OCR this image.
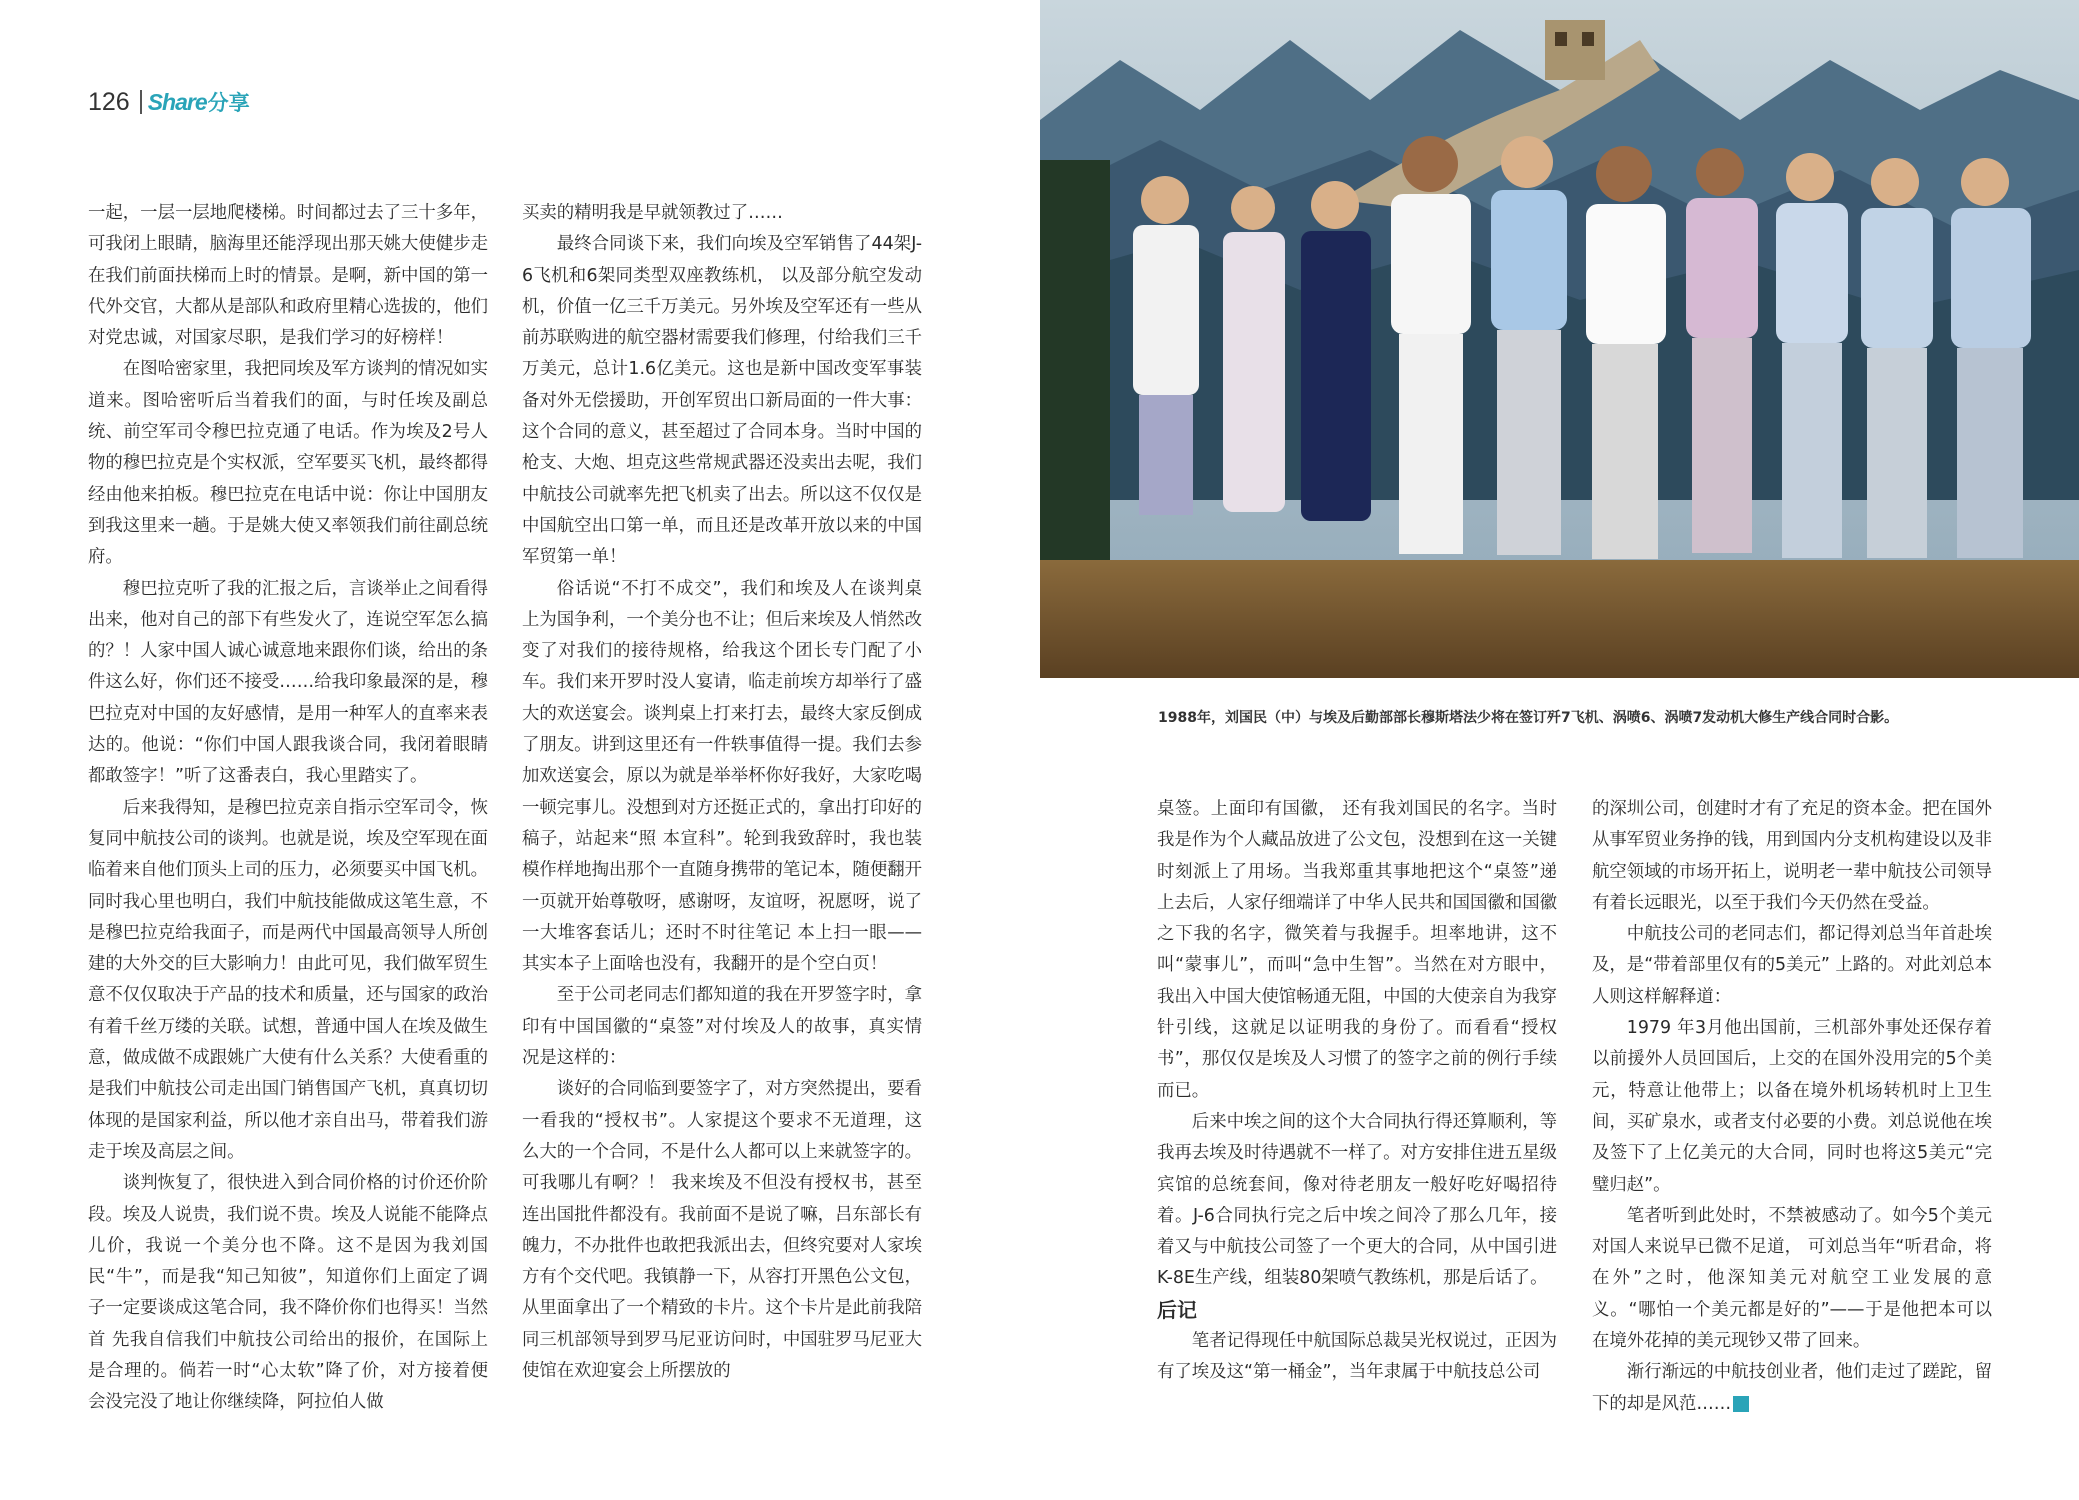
126 Share 分享

一起，一层一层地爬楼梯。时间都过去了三十多年，可我闭上眼睛，脑海里还能浮现出那天姚大使健步走在我们前面扶梯而上时的情景。是啊，新中国的第一代外交官，大都从是部队和政府里精心选拔的，他们对党忠诚，对国家尽职，是我们学习的好榜样！

在图哈密家里，我把同埃及军方谈判的情况如实道来。图哈密听后当着我们的面，与时任埃及副总统、前空军司令穆巴拉克通了电话。作为埃及2号人物的穆巴拉克是个实权派，空军要买飞机，最终都得经由他来拍板。穆巴拉克在电话中说：你让中国朋友 到我这里来一趟。于是姚大使又率领我们前往副总统府。

穆巴拉克听了我的汇报之后，言谈举止之间看得出来，他对自己的部下有些发火了，连说空军怎么搞的？！人家中国人诚心诚意地来跟你们谈，给出的条件这么好，你们还不接受……给我印象最深的是，穆巴拉克对中国的友好感情，是用一种军人的直率来表达的。他说：“你们中国人跟我谈合同，我闭着眼睛都敢签字！”听了这番表白，我心里踏实了。

后来我得知，是穆巴拉克亲自指示空军司令，恢复同中航技公司的谈判。也就是说，埃及空军现在面临着来自他们顶头上司的压力，必须要买中国飞机。同时我心里也明白，我们中航技能做成这笔生意，不是穆巴拉克给我面子，而是两代中国最高领导人所创建的大外交的巨大影响力！由此可见，我们做军贸生意不仅仅取决于产品的技术和质量，还与国家的政治有着千丝万缕的关联。试想，普通中国人在埃及做生意，做成做不成跟姚广大使有什么关系？大使看重的是我们中航技公司走出国门销售国产飞机，真真切切体现的是国家利益，所以他才亲自出马，带着我们游走于埃及高层之间。

谈判恢复了，很快进入到合同价格的讨价还价阶段。埃及人说贵，我们说不贵。埃及人说能不能降点儿价，我说一个美分也不降。这不是因为我刘国民“牛”，而是我“知己知彼”，知道你们上面定了调子一定要谈成这笔合同，我不降价你们也得买！当然首 先我自信我们中航技公司给出的报价，在国际上是合理的。倘若一时“心太软”降了价，对方接着便会没完没了地让你继续降，阿拉伯人做

买卖的精明我是早就领教过了……

最终合同谈下来，我们向埃及空军销售了44架J-6飞机和6架同类型双座教练机， 以及部分航空发动机，价值一亿三千万美元。另外埃及空军还有一些从前苏联购进的航空器材需要我们修理，付给我们三千万美元，总计1.6亿美元。这也是新中国改变军事装备对外无偿援助，开创军贸出口新局面的一件大事：这个合同的意义，甚至超过了合同本身。当时中国的枪支、大炮、坦克这些常规武器还没卖出去呢，我们中航技公司就率先把飞机卖了出去。所以这不仅仅是中国航空出口第一单，而且还是改革开放以来的中国军贸第一单！

俗话说“不打不成交”，我们和埃及人在谈判桌上为国争利，一个美分也不让；但后来埃及人悄然改变了对我们的接待规格，给我这个团长专门配了小车。我们来开罗时没人宴请，临走前埃方却举行了盛大的欢送宴会。谈判桌上打来打去，最终大家反倒成 了朋友。讲到这里还有一件轶事值得一提。我们去参加欢送宴会，原以为就是举举杯你好我好，大家吃喝一顿完事儿。没想到对方还挺正式的，拿出打印好的稿子，站起来“照 本宣科”。轮到我致辞时，我也装模作样地掏出那个一直随身携带的笔记本，随便翻开 一页就开始尊敬呀，感谢呀，友谊呀，祝愿呀，说了一大堆客套话儿；还时不时往笔记 本上扫一眼——其实本子上面啥也没有，我翻开的是个空白页！

至于公司老同志们都知道的我在开罗签字时，拿印有中国国徽的“桌签”对付埃及人的故事，真实情况是这样的：

谈好的合同临到要签字了，对方突然提出，要看一看我的“授权书”。人家提这个要求不无道理，这么大的一个合同，不是什么人都可以上来就签字的。可我哪儿有啊？！ 我来埃及不但没有授权书，甚至连出国批件都没有。我前面不是说了嘛，吕东部长有魄力，不办批件也敢把我派出去，但终究要对人家埃方有个交代吧。我镇静一下，从容打开黑色公文包，从里面拿出了一个精致的卡片。这个卡片是此前我陪同三机部领导到罗马尼亚访问时，中国驻罗马尼亚大使馆在欢迎宴会上所摆放的

1988年，刘国民（中）与埃及后勤部部长穆斯塔法少将在签订歼7飞机、涡喷6、涡喷7发动机大修生产线合同时合影。

桌签。上面印有国徽， 还有我刘国民的名字。当时我是作为个人藏品放进了公文包，没想到在这一关键时刻派上了用场。当我郑重其事地把这个“桌签”递上去后，人家仔细端详了中华人民共和国国徽和国徽之下我的名字，微笑着与我握手。坦率地讲，这不叫“蒙事儿”，而叫“急中生智”。当然在对方眼中，我出入中国大使馆畅通无阻，中国的大使亲自为我穿针引线，这就足以证明我的身份了。而看看“授权书”，那仅仅是埃及人习惯了的签字之前的例行手续而已。

后来中埃之间的这个大合同执行得还算顺利，等我再去埃及时待遇就不一样了。对方安排住进五星级宾馆的总统套间，像对待老朋友一般好吃好喝招待着。J-6合同执行完之后中埃之间冷了那么几年，接着又与中航技公司签了一个更大的合同，从中国引进K-8E生产线，组装80架喷气教练机，那是后话了。

后记

笔者记得现任中航国际总裁吴光权说过，正因为有了埃及这“第一桶金”，当年隶属于中航技总公司

的深圳公司，创建时才有了充足的资本金。把在国外从事军贸业务挣的钱，用到国内分支机构建设以及非航空领域的市场开拓上，说明老一辈中航技公司领导有着长远眼光，以至于我们今天仍然在受益。

中航技公司的老同志们，都记得刘总当年首赴埃及，是“带着部里仅有的5美元” 上路的。对此刘总本人则这样解释道：

1979 年3月他出国前，三机部外事处还保存着以前援外人员回国后，上交的在国外没用完的5个美元，特意让他带上；以备在境外机场转机时上卫生间，买矿泉水，或者支付必要的小费。刘总说他在埃及签下了上亿美元的大合同，同时也将这5美元“完 璧归赵”。

笔者听到此处时，不禁被感动了。如今5个美元对国人来说早已微不足道， 可刘总当年“听君命，将在外”之时，他深知美元对航空工业发展的意义。“哪怕一个美元都是好的”——于是他把本可以在境外花掉的美元现钞又带了回来。

渐行渐远的中航技创业者，他们走过了蹉跎，留下的却是风范……	S
